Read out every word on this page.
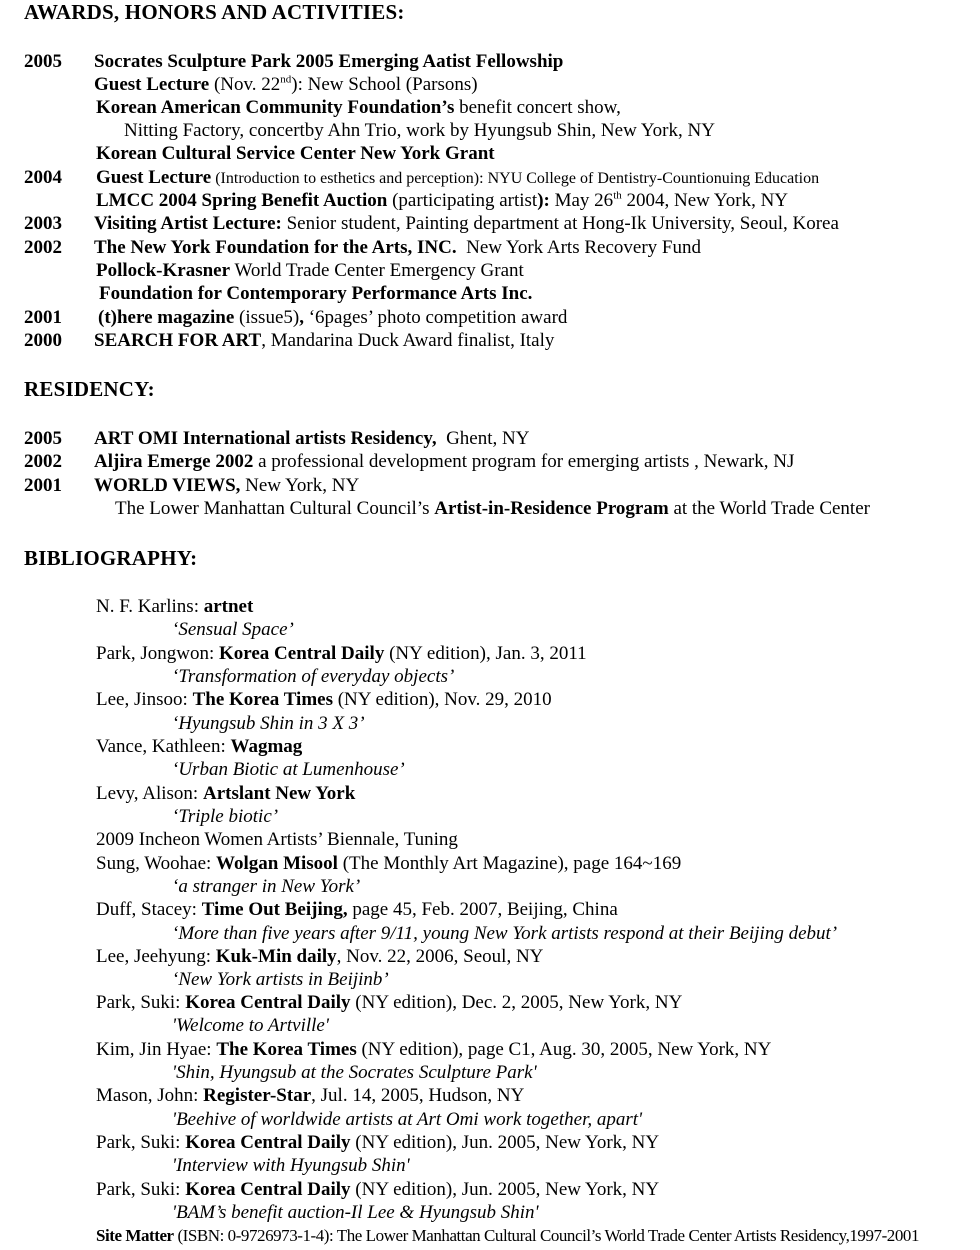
AWARDS, HONORS AND ACTIVITIES:
2005 Socrates Sculpture Park 2005 Emerging Aatist Fellowship
Guest Lecture (Nov. 22nd): New School (Parsons)
Korean American Community Foundation’s benefit concert show,
Nitting Factory, concertby Ahn Trio, work by Hyungsub Shin, New York, NY
Korean Cultural Service Center New York Grant
2004 Guest Lecture (Introduction to esthetics and perception): NYU College of Dentistry-Countionuing Education
LMCC 2004 Spring Benefit Auction (participating artist): May 26th 2004, New York, NY
2003 Visiting Artist Lecture: Senior student, Painting department at Hong-Ik University, Seoul, Korea
2002 The New York Foundation for the Arts, INC.  New York Arts Recovery Fund
Pollock-Krasner World Trade Center Emergency Grant
Foundation for Contemporary Performance Arts Inc.
2001 (t)here magazine (issue5), ‘6pages’ photo competition award
2000 SEARCH FOR ART, Mandarina Duck Award finalist, Italy
RESIDENCY:
2005 ART OMI International artists Residency,  Ghent, NY
2002 Aljira Emerge 2002 a professional development program for emerging artists , Newark, NJ
2001 WORLD VIEWS, New York, NY
The Lower Manhattan Cultural Council’s Artist-in-Residence Program at the World Trade Center
BIBLIOGRAPHY:
N. F. Karlins: artnet
‘Sensual Space’
Park, Jongwon: Korea Central Daily (NY edition), Jan. 3, 2011
‘Transformation of everyday objects’
Lee, Jinsoo: The Korea Times (NY edition), Nov. 29, 2010
‘Hyungsub Shin in 3 X 3’
Vance, Kathleen: Wagmag
‘Urban Biotic at Lumenhouse’
Levy, Alison: Artslant New York
‘Triple biotic’
2009 Incheon Women Artists’ Biennale, Tuning
Sung, Woohae: Wolgan Misool (The Monthly Art Magazine), page 164~169
‘a stranger in New York’
Duff, Stacey: Time Out Beijing, page 45, Feb. 2007, Beijing, China
‘More than five years after 9/11, young New York artists respond at their Beijing debut’
Lee, Jeehyung: Kuk-Min daily, Nov. 22, 2006, Seoul, NY
‘New York artists in Beijinb’
Park, Suki: Korea Central Daily (NY edition), Dec. 2, 2005, New York, NY
'Welcome to Artville'
Kim, Jin Hyae: The Korea Times (NY edition), page C1, Aug. 30, 2005, New York, NY
'Shin, Hyungsub at the Socrates Sculpture Park'
Mason, John: Register-Star, Jul. 14, 2005, Hudson, NY
'Beehive of worldwide artists at Art Omi work together, apart'
Park, Suki: Korea Central Daily (NY edition), Jun. 2005, New York, NY
'Interview with Hyungsub Shin'
Park, Suki: Korea Central Daily (NY edition), Jun. 2005, New York, NY
'BAM’s benefit auction-Il Lee & Hyungsub Shin'
Site Matter (ISBN: 0-9726973-1-4): The Lower Manhattan Cultural Council’s World Trade Center Artists Residency,1997-2001
